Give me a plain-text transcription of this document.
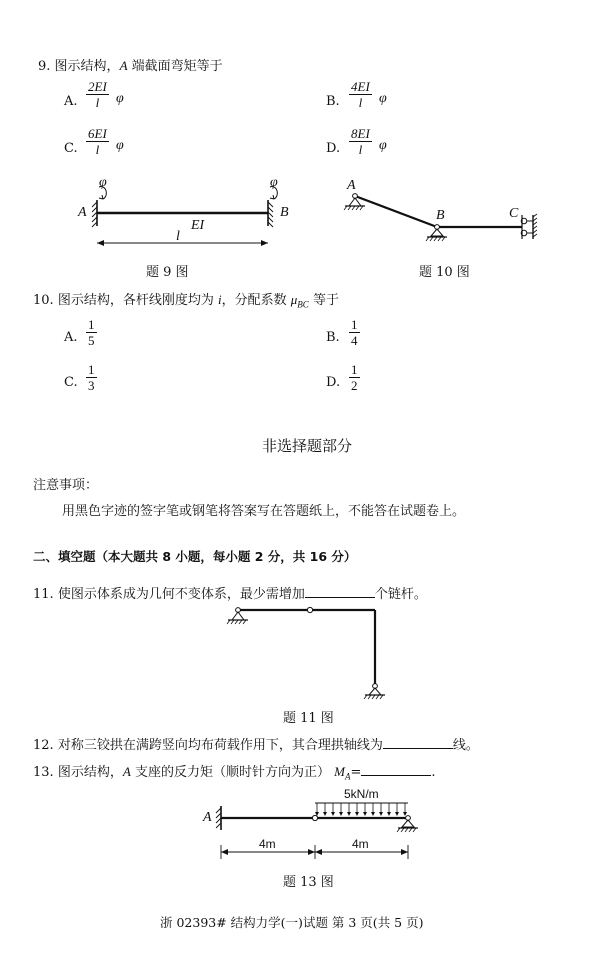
9. 图示结构，A 端截面弯矩等于
A. $\frac{2EI}{l}$ φ	B. $\frac{4EI}{l}$ φ
C. $\frac{6EI}{l}$ φ	D. $\frac{8EI}{l}$ φ
φ	φ
A	B
EI
l
题 9 图
A
B	C
题 10 图
10. 图示结构，各杆线刚度均为 i，分配系数 $\mu_{BC}$ 等于
A. $\frac{1}{5}$	B. $\frac{1}{4}$
C. $\frac{1}{3}$	D. $\frac{1}{2}$
非选择题部分
注意事项：
用黑色字迹的签字笔或钢笔将答案写在答题纸上，不能答在试题卷上。
二、填空题（本大题共 8 小题，每小题 2 分，共 16 分）
11. 使图示体系成为几何不变体系，最少需增加	个链杆。
题 11 图
12. 对称三铰拱在满跨竖向均布荷载作用下，其合理拱轴线为	线。
13. 图示结构，A 支座的反力矩（顺时针方向为正） $M_A=$	.
5kN/m
A
4m	4m
题 13 图
浙 02393# 结构力学(一)试题 第 3 页(共 5 页)
